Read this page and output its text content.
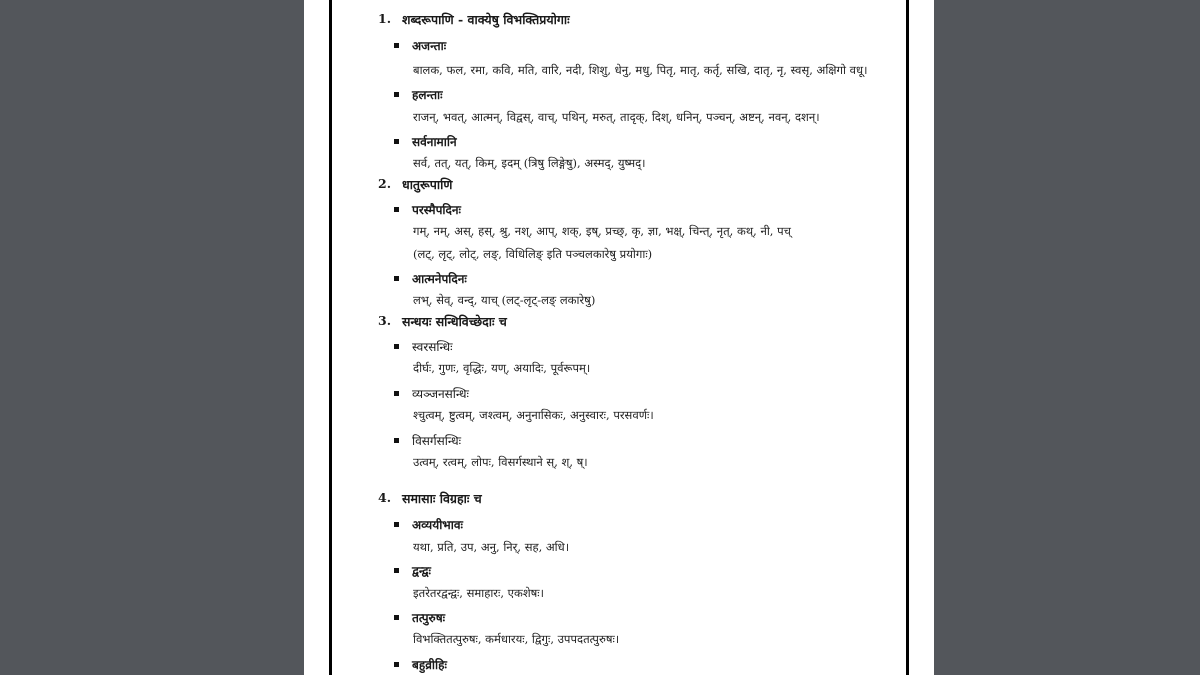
1. शब्दरूपाणि - वाक्येषु विभक्तिप्रयोगाः
अजन्ताः
बालक, फल, रमा, कवि, मति, वारि, नदी, शिशु, धेनु, मधु, पितृ, मातृ, कर्तृ, सखि, दातृ, नृ, स्वसृ, अक्षिगो वधू।
हलन्ताः
राजन्, भवत्, आत्मन्, विद्वस्, वाच्, पथिन्, मरुत्, तादृक्, दिश्, धनिन्, पञ्चन्, अष्टन्, नवन्, दशन्।
सर्वनामानि
सर्व, तत्, यत्, किम्, इदम् (त्रिषु लिङ्गेषु), अस्मद्, युष्मद्।
2. धातुरूपाणि
परस्मैपदिनः
गम्, नम्, अस्, हस्, श्रु, नश्, आप्, शक्, इष्, प्रच्छ्, कृ, ज्ञा, भक्ष्, चिन्त्, नृत्, कथ्, नी, पच्
(लट्, लृट्, लोट्, लङ्, विधिलिङ् इति पञ्चलकारेषु प्रयोगाः)
आत्मनेपदिनः
लभ्, सेव्, वन्द्, याच् (लट्-लृट्-लङ् लकारेषु)
3. सन्धयः सन्धिविच्छेदाः च
स्वरसन्धिः
दीर्घः, गुणः, वृद्धिः, यण्, अयादिः, पूर्वरूपम्।
व्यञ्जनसन्धिः
श्चुत्वम्, ष्टुत्वम्, जश्त्वम्, अनुनासिकः, अनुस्वारः, परसवर्णः।
विसर्गसन्धिः
उत्वम्, रत्वम्, लोपः, विसर्गस्थाने स्, श्, ष्।
4. समासाः विग्रहाः च
अव्ययीभावः
यथा, प्रति, उप, अनु, निर्, सह, अधि।
द्वन्द्वः
इतरेतरद्वन्द्वः, समाहारः, एकशेषः।
तत्पुरुषः
विभक्तितत्पुरुषः, कर्मधारयः, द्विगुः, उपपदतत्पुरुषः।
बहुव्रीहिः
